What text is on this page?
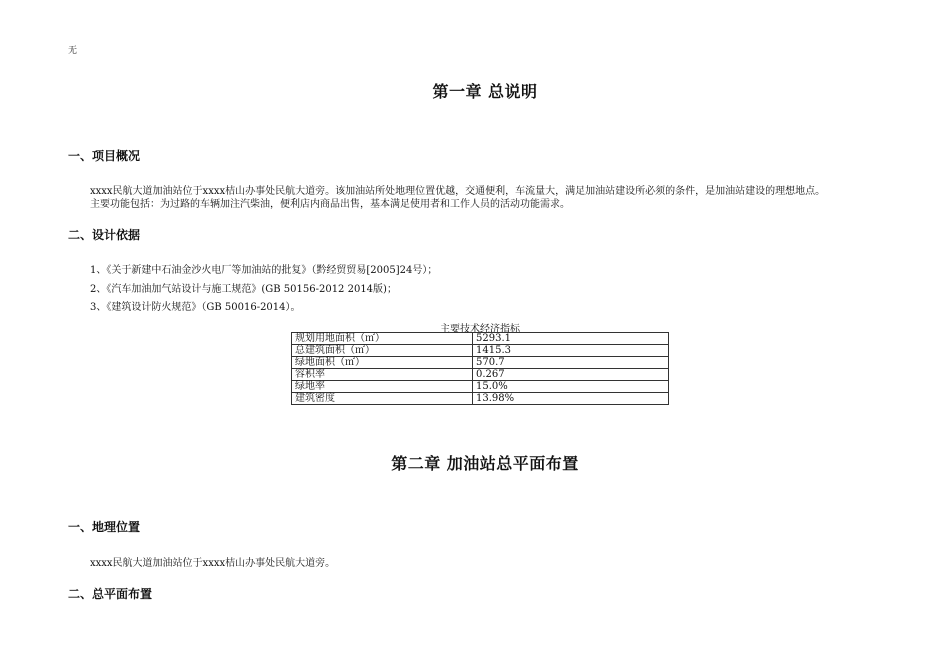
无
第一章 总说明
一、项目概况
xxxx民航大道加油站位于xxxx桔山办事处民航大道旁。该加油站所处地理位置优越，交通便利，车流量大，满足加油站建设所必须的条件，是加油站建设的理想地点。
主要功能包括：为过路的车辆加注汽柴油，便利店内商品出售，基本满足使用者和工作人员的活动功能需求。
二、设计依据
1、《关于新建中石油金沙火电厂等加油站的批复》（黔经贸贸易[2005]24号）；
2、《汽车加油加气站设计与施工规范》(GB 50156-2012 2014版)；
3、《建筑设计防火规范》（GB 50016-2014）。
主要技术经济指标
规划用地面积（㎡）	5293.1
总建筑面积（㎡）	1415.3
绿地面积（㎡）	570.7
容积率	0.267
绿地率	15.0%
建筑密度	13.98%
第二章 加油站总平面布置
一、地理位置
xxxx民航大道加油站位于xxxx桔山办事处民航大道旁。
二、总平面布置
